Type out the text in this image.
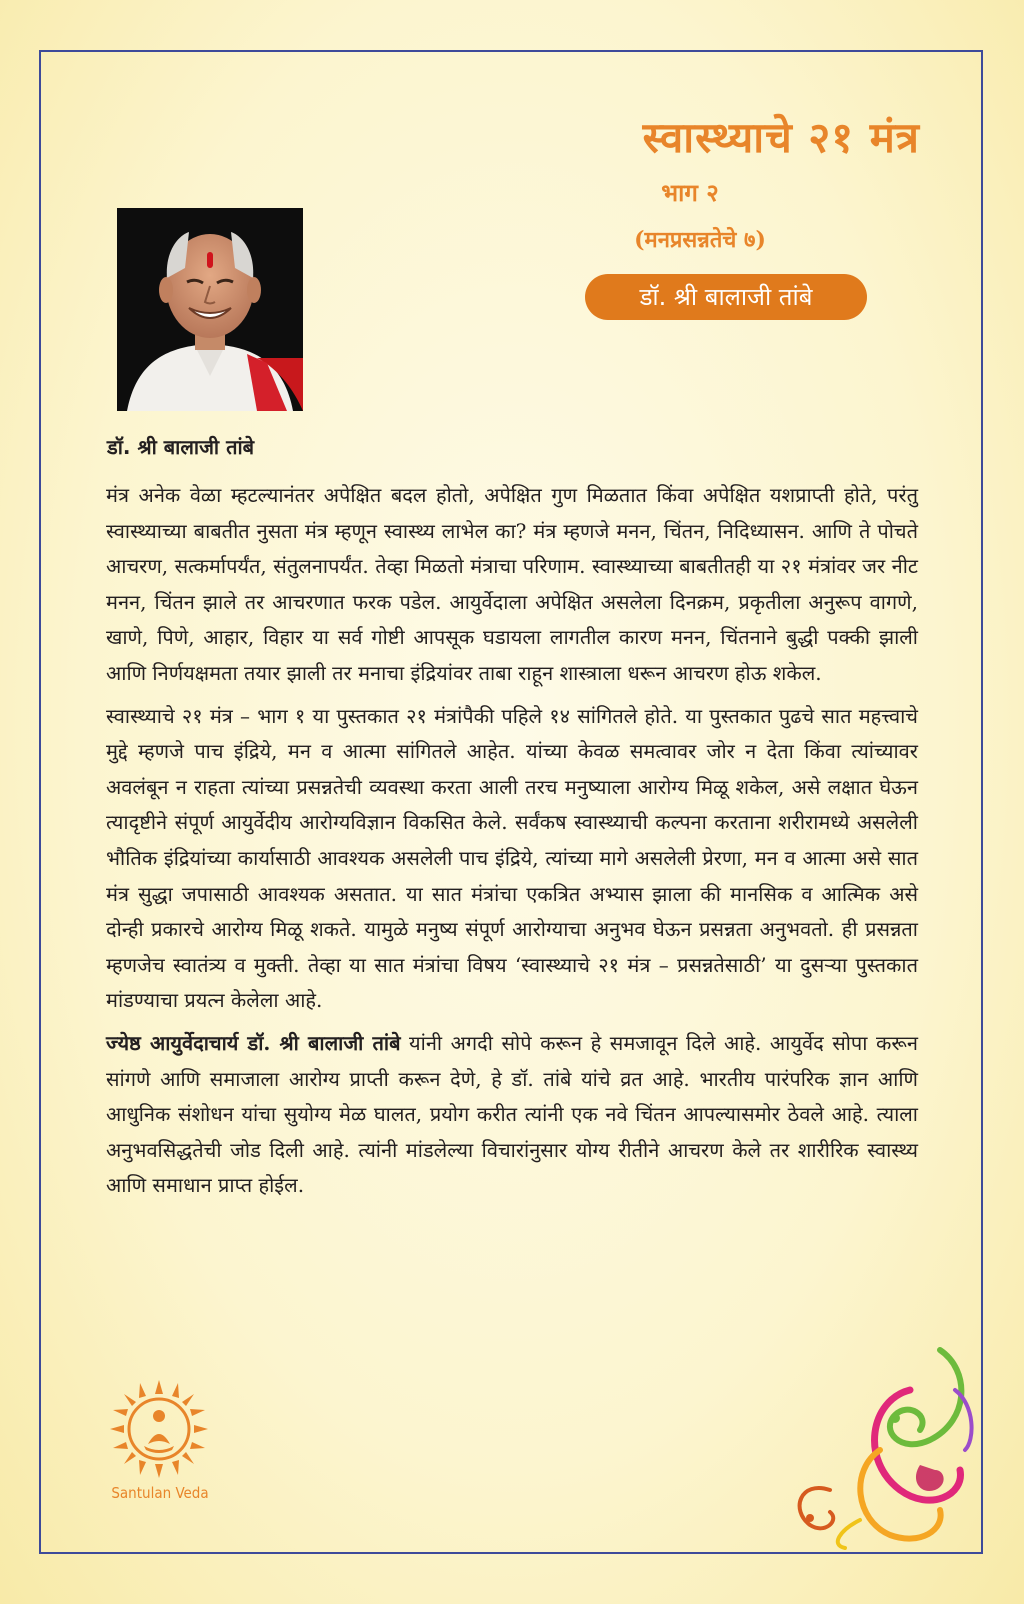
स्वास्थ्याचे २१ मंत्र
भाग २
(मनप्रसन्नतेचे ७)
डॉ. श्री बालाजी तांबे
डॉ. श्री बालाजी तांबे

मंत्र अनेक वेळा म्हटल्यानंतर अपेक्षित बदल होतो, अपेक्षित गुण मिळतात किंवा अपेक्षित यशप्राप्ती होते, परंतु स्वास्थ्याच्या बाबतीत नुसता मंत्र म्हणून स्वास्थ्य लाभेल का? मंत्र म्हणजे मनन, चिंतन, निदिध्यासन. आणि ते पोचते आचरण, सत्कर्मापर्यंत, संतुलनापर्यंत. तेव्हा मिळतो मंत्राचा परिणाम. स्वास्थ्याच्या बाबतीतही या २१ मंत्रांवर जर नीट मनन, चिंतन झाले तर आचरणात फरक पडेल. आयुर्वेदाला अपेक्षित असलेला दिनक्रम, प्रकृतीला अनुरूप वागणे, खाणे, पिणे, आहार, विहार या सर्व गोष्टी आपसूक घडायला लागतील कारण मनन, चिंतनाने बुद्धी पक्की झाली आणि निर्णयक्षमता तयार झाली तर मनाचा इंद्रियांवर ताबा राहून शास्त्राला धरून आचरण होऊ शकेल.

स्वास्थ्याचे २१ मंत्र – भाग १ या पुस्तकात २१ मंत्रांपैकी पहिले १४ सांगितले होते. या पुस्तकात पुढचे सात महत्त्वाचे मुद्दे म्हणजे पाच इंद्रिये, मन व आत्मा सांगितले आहेत. यांच्या केवळ समत्वावर जोर न देता किंवा त्यांच्यावर अवलंबून न राहता त्यांच्या प्रसन्नतेची व्यवस्था करता आली तरच मनुष्याला आरोग्य मिळू शकेल, असे लक्षात घेऊन त्यादृष्टीने संपूर्ण आयुर्वेदीय आरोग्यविज्ञान विकसित केले. सर्वंकष स्वास्थ्याची कल्पना करताना शरीरामध्ये असलेली भौतिक इंद्रियांच्या कार्यासाठी आवश्यक असलेली पाच इंद्रिये, त्यांच्या मागे असलेली प्रेरणा, मन व आत्मा असे सात मंत्र सुद्धा जपासाठी आवश्यक असतात. या सात मंत्रांचा एकत्रित अभ्यास झाला की मानसिक व आत्मिक असे दोन्ही प्रकारचे आरोग्य मिळू शकते. यामुळे मनुष्य संपूर्ण आरोग्याचा अनुभव घेऊन प्रसन्नता अनुभवतो. ही प्रसन्नता म्हणजेच स्वातंत्र्य व मुक्ती. तेव्हा या सात मंत्रांचा विषय ‘स्वास्थ्याचे २१ मंत्र – प्रसन्नतेसाठी’ या दुसऱ्या पुस्तकात मांडण्याचा प्रयत्न केलेला आहे.

ज्येष्ठ आयुर्वेदाचार्य डॉ. श्री बालाजी तांबे यांनी अगदी सोपे करून हे समजावून दिले आहे. आयुर्वेद सोपा करून सांगणे आणि समाजाला आरोग्य प्राप्ती करून देणे, हे डॉ. तांबे यांचे व्रत आहे. भारतीय पारंपरिक ज्ञान आणि आधुनिक संशोधन यांचा सुयोग्य मेळ घालत, प्रयोग करीत त्यांनी एक नवे चिंतन आपल्यासमोर ठेवले आहे. त्याला अनुभवसिद्धतेची जोड दिली आहे. त्यांनी मांडलेल्या विचारांनुसार योग्य रीतीने आचरण केले तर शारीरिक स्वास्थ्य आणि समाधान प्राप्त होईल.

Santulan Veda
